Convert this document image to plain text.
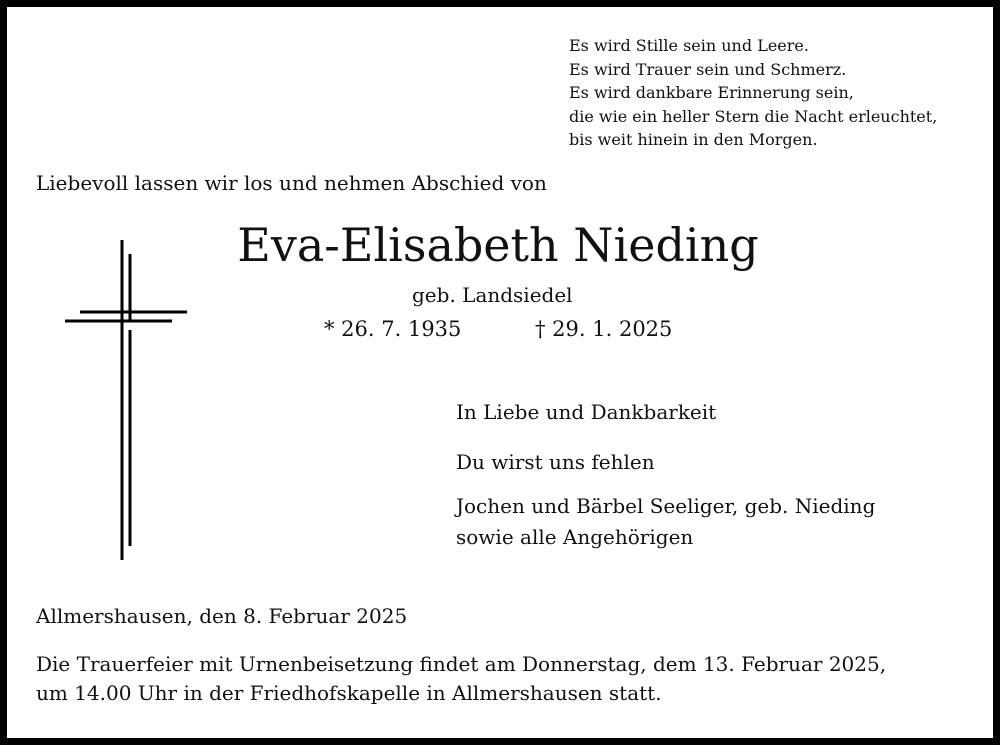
Es wird Stille sein und Leere.
Es wird Trauer sein und Schmerz.
Es wird dankbare Erinnerung sein,
die wie ein heller Stern die Nacht erleuchtet,
bis weit hinein in den Morgen.
Liebevoll lassen wir los und nehmen Abschied von
Eva-Elisabeth Nieding
geb. Landsiedel
* 26. 7. 1935	† 29. 1. 2025
In Liebe und Dankbarkeit
Du wirst uns fehlen
Jochen und Bärbel Seeliger, geb. Nieding
sowie alle Angehörigen
Allmershausen, den 8. Februar 2025
Die Trauerfeier mit Urnenbeisetzung findet am Donnerstag, dem 13. Februar 2025,
um 14.00 Uhr in der Friedhofskapelle in Allmershausen statt.
